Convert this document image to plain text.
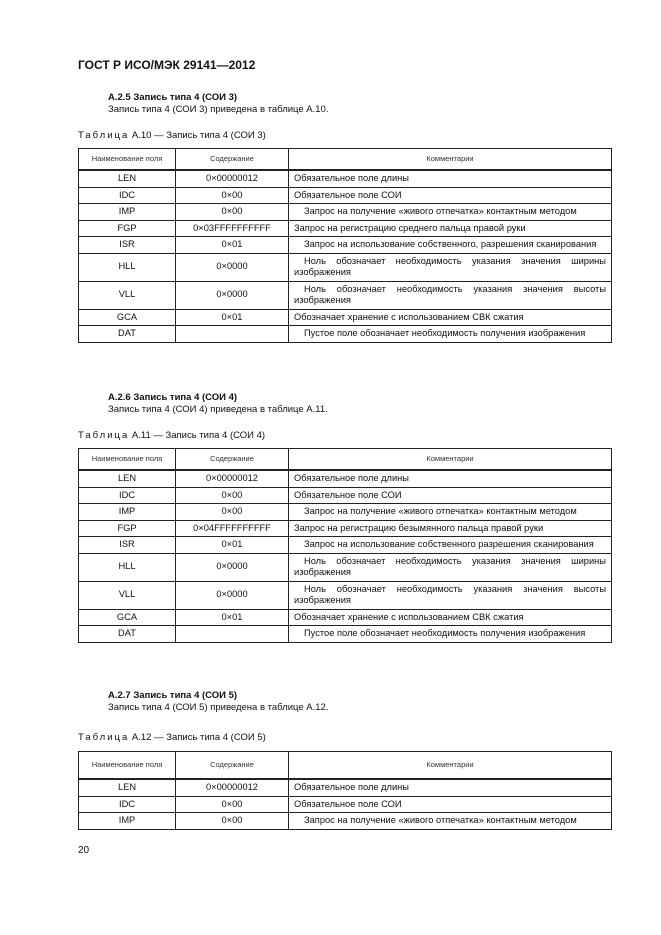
ГОСТ Р ИСО/МЭК 29141—2012
20
А.2.5 Запись типа 4 (СОИ 3)
Запись типа 4 (СОИ 3) приведена в таблице А.10.
Таблица А.10 — Запись типа 4 (СОИ 3)
Наименование поля	Содержание	Комментарии
LEN	0×00000012	Обязательное поле длины
IDC	0×00	Обязательное поле СОИ
IMP	0×00	Запрос на получение «живого отпечатка» контактным методом
FGP	0×03FFFFFFFFFF	Запрос на регистрацию среднего пальца правой руки
ISR	0×01	Запрос на использование собственного, разрешения сканирования
HLL	0×0000	Ноль обозначает необходимость указания значения ширины изображения
VLL	0×0000	Ноль обозначает необходимость указания значения высоты изображения
GCA	0×01	Обозначает хранение с использованием СВК сжатия
DAT		Пустое поле обозначает необходимость получения изображения
А.2.6 Запись типа 4 (СОИ 4)
Запись типа 4 (СОИ 4) приведена в таблице А.11.
Таблица А.11 — Запись типа 4 (СОИ 4)
Наименование поля	Содержание	Комментарии
LEN	0×00000012	Обязательное поле длины
IDC	0×00	Обязательное поле СОИ
IMP	0×00	Запрос на получение «живого отпечатка» контактным методом
FGP	0×04FFFFFFFFFF	Запрос на регистрацию безымянного пальца правой руки
ISR	0×01	Запрос на использование собственного разрешения сканирования
HLL	0×0000	Ноль обозначает необходимость указания значения ширины изображения
VLL	0×0000	Ноль обозначает необходимость указания значения высоты изображения
GCA	0×01	Обозначает хранение с использованием СВК сжатия
DAT		Пустое поле обозначает необходимость получения изображения
А.2.7 Запись типа 4 (СОИ 5)
Запись типа 4 (СОИ 5) приведена в таблице А.12.
Таблица А.12 — Запись типа 4 (СОИ 5)
Наименование поля	Содержание	Комментарии
LEN	0×00000012	Обязательное поле длины
IDC	0×00	Обязательное поле СОИ
IMP	0×00	Запрос на получение «живого отпечатка» контактным методом
